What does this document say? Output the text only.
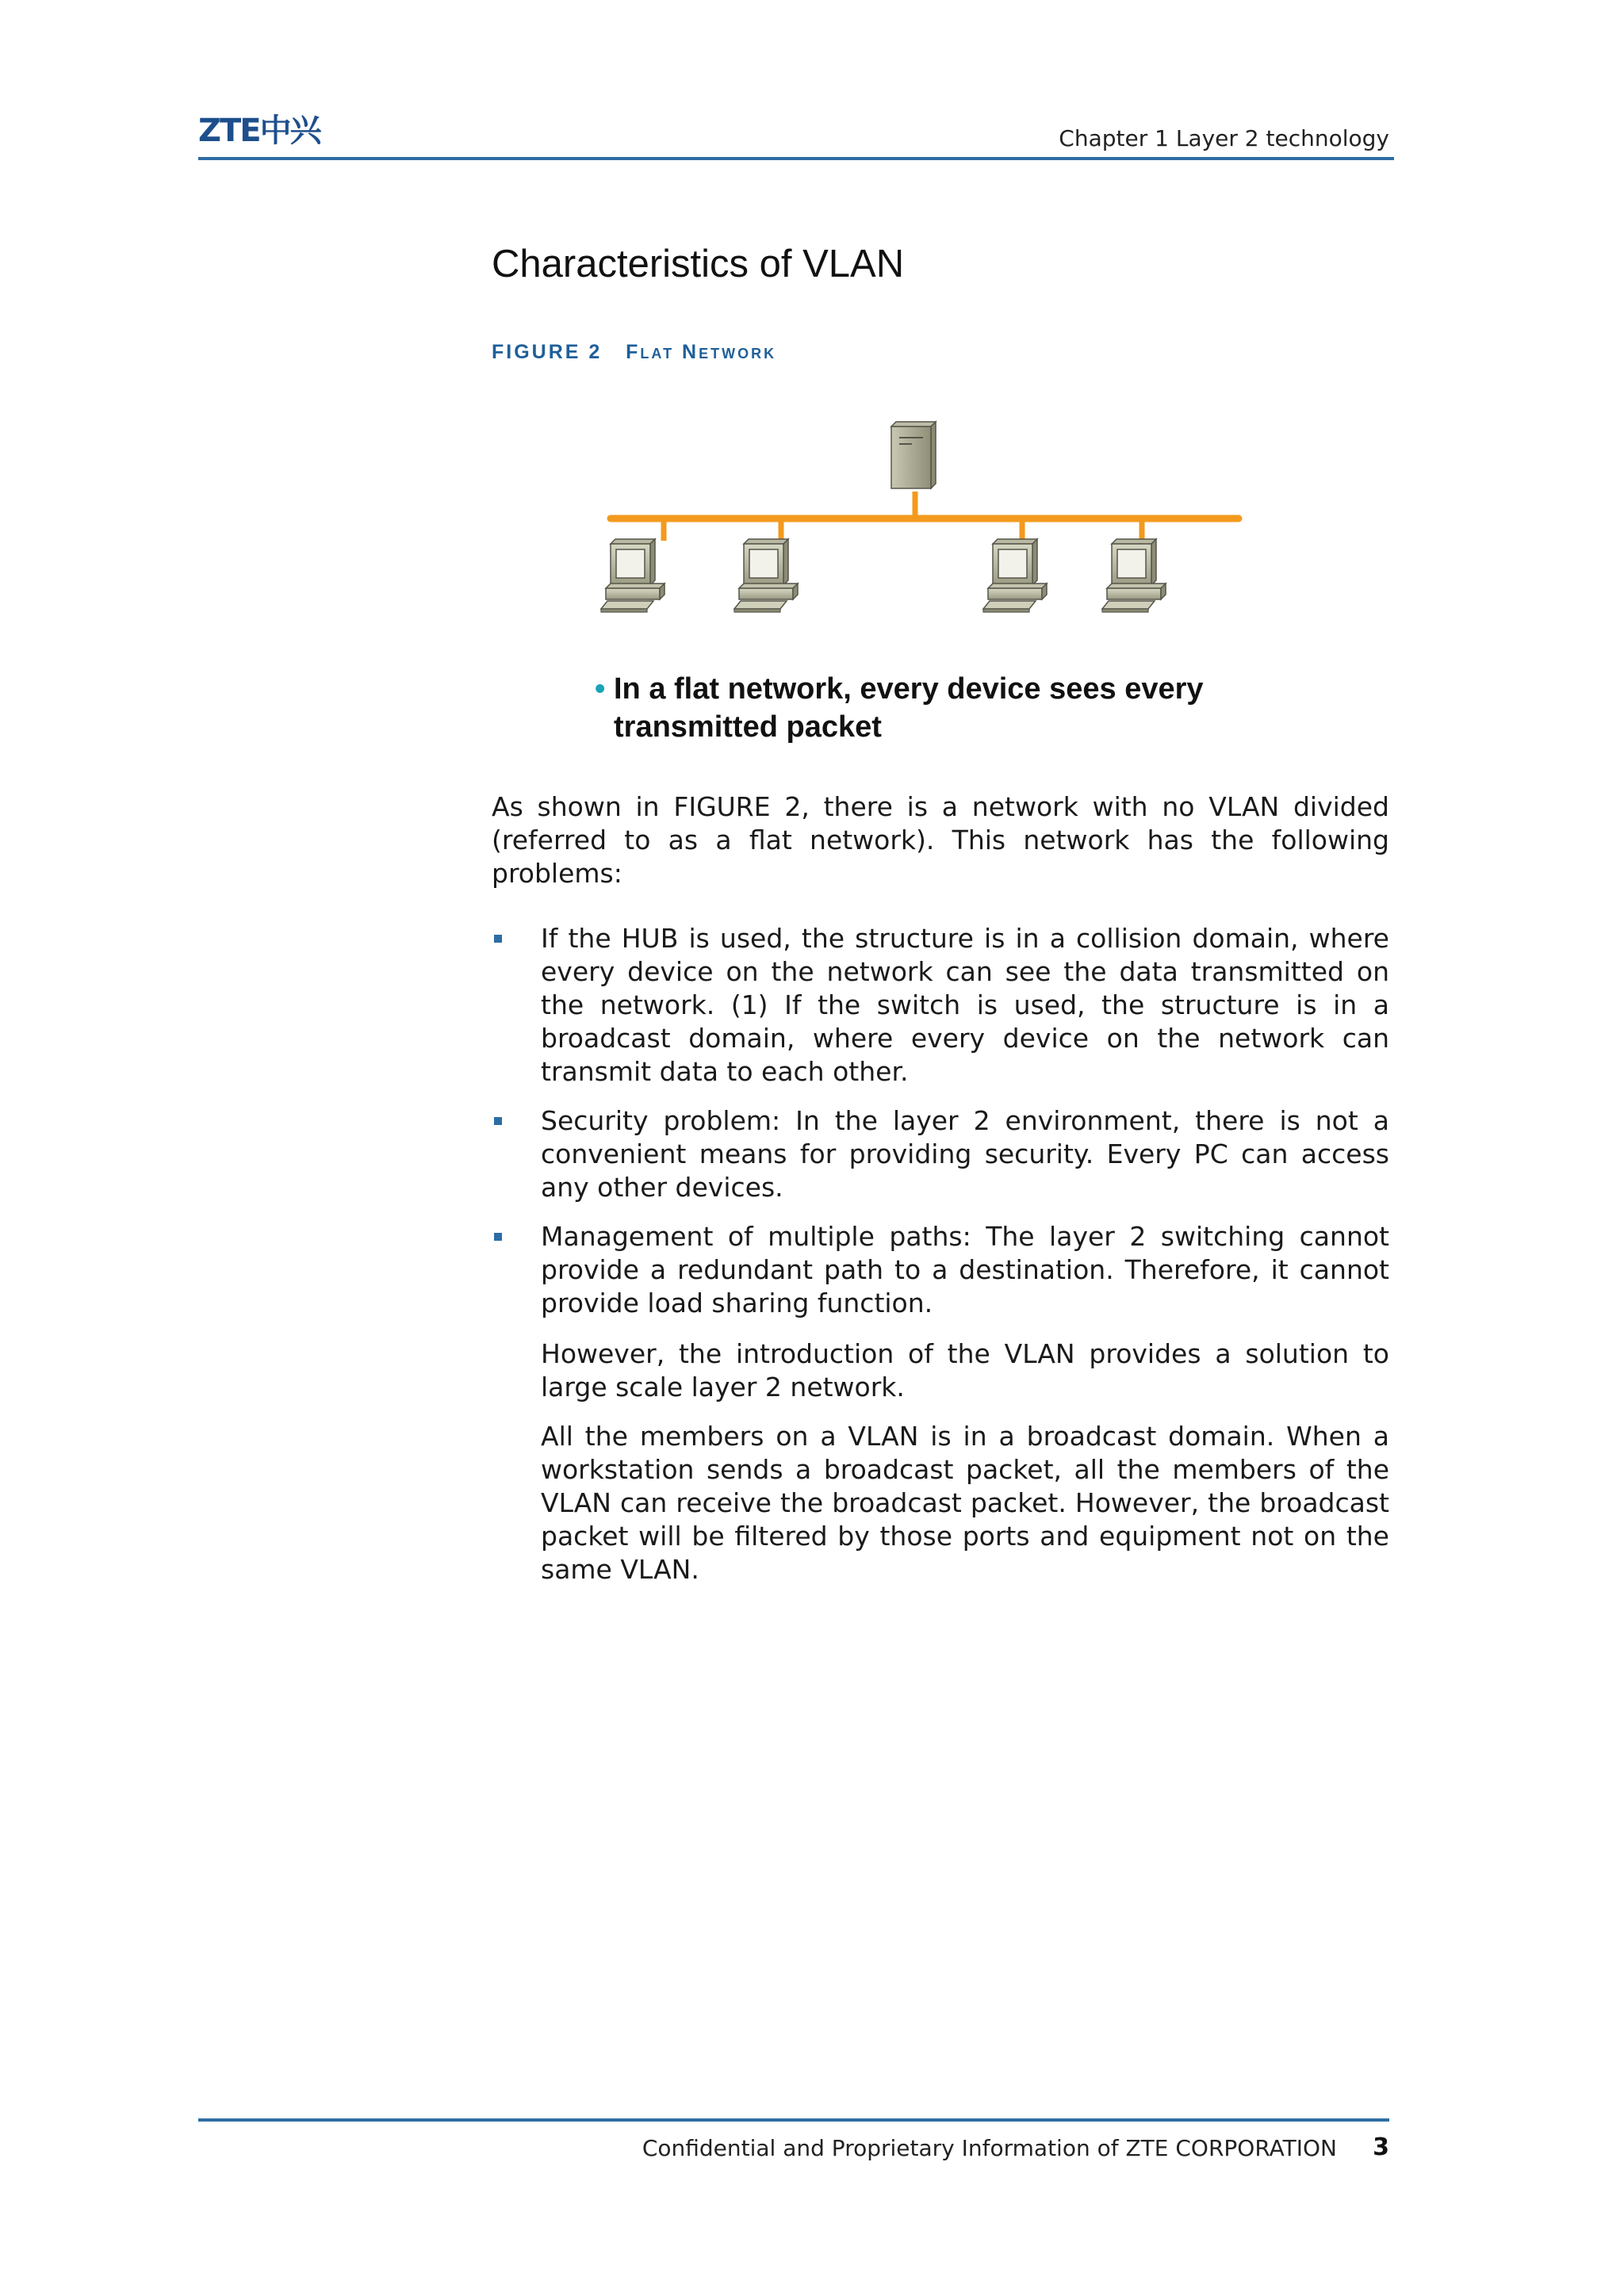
ZTE中兴	Chapter 1 Layer 2 technology
Characteristics of VLAN
FIGURE 2 FLAT NETWORK
• In a flat network, every device sees every transmitted packet
As shown in FIGURE 2, there is a network with no VLAN divided (referred to as a flat network). This network has the following problems:
If the HUB is used, the structure is in a collision domain, where every device on the network can see the data transmitted on the network. (1) If the switch is used, the structure is in a broadcast domain, where every device on the network can transmit data to each other.
Security problem: In the layer 2 environment, there is not a convenient means for providing security. Every PC can access any other devices.
Management of multiple paths: The layer 2 switching cannot provide a redundant path to a destination. Therefore, it cannot provide load sharing function.
However, the introduction of the VLAN provides a solution to large scale layer 2 network.
All the members on a VLAN is in a broadcast domain. When a workstation sends a broadcast packet, all the members of the VLAN can receive the broadcast packet. However, the broadcast packet will be filtered by those ports and equipment not on the same VLAN.
Confidential and Proprietary Information of ZTE CORPORATION 3
